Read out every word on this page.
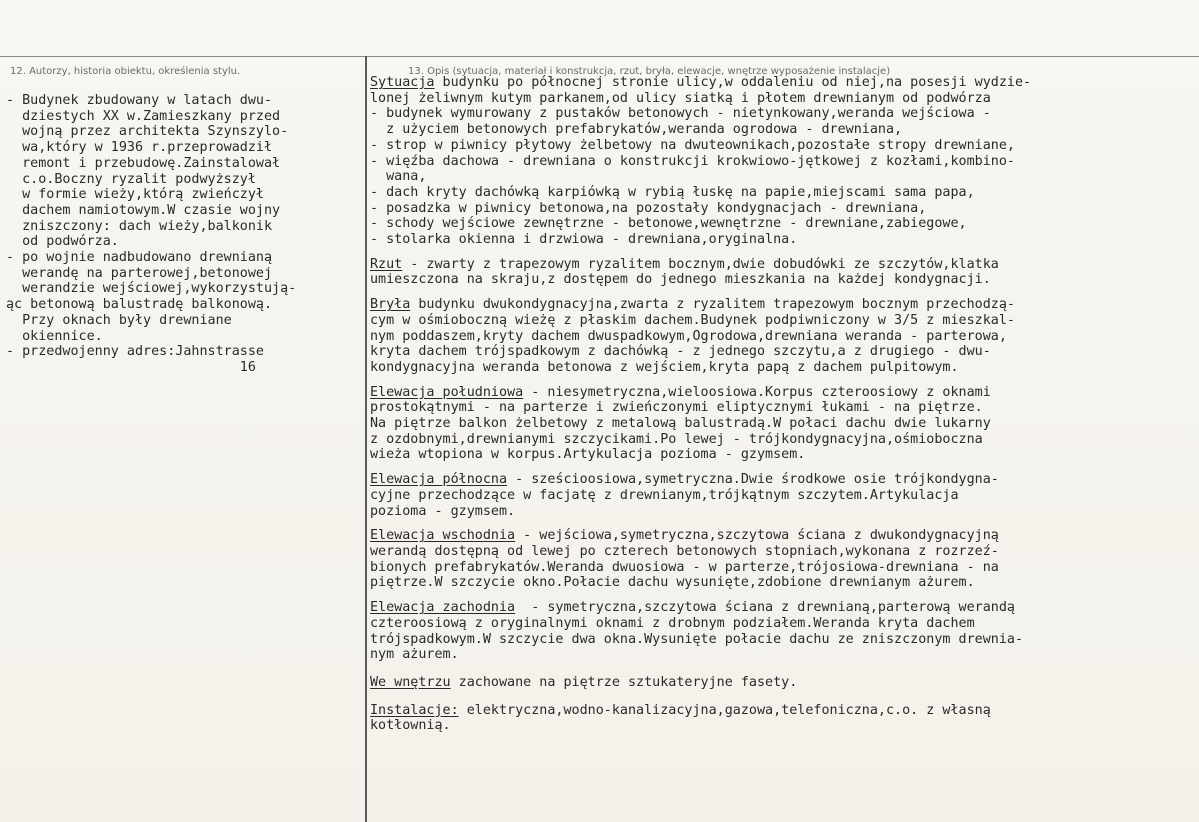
12. Autorzy, historia obiektu, określenia stylu.	13. Opis (sytuacja, materiał i konstrukcja, rzut, bryła, elewacje, wnętrze wyposażenie instalacje)
- Budynek zbudowany w latach dwu-
dziestych XX w.Zamieszkany przed
wojną przez architekta Szynszylo-
wa,który w 1936 r.przeprowadził
remont i przebudowę.Zainstalował
c.o.Boczny ryzalit podwyższył
w formie wieży,którą zwieńczył
dachem namiotowym.W czasie wojny
zniszczony: dach wieży,balkonik
od podwórza.
- po wojnie nadbudowano drewnianą
werandę na parterowej,betonowej
werandzie wejściowej,wykorzystują-
ąc betonową balustradę balkonową.
Przy oknach były drewniane
okiennice.
- przedwojenny adres:Jahnstrasse
16
Sytuacja budynku po północnej stronie ulicy,w oddaleniu od niej,na posesji wydzie-
lonej żeliwnym kutym parkanem,od ulicy siatką i płotem drewnianym od podwórza
- budynek wymurowany z pustaków betonowych - nietynkowany,weranda wejściowa -
z użyciem betonowych prefabrykatów,weranda ogrodowa - drewniana,
- strop w piwnicy płytowy żelbetowy na dwuteownikach,pozostałe stropy drewniane,
- więźba dachowa - drewniana o konstrukcji krokwiowo-jętkowej z kozłami,kombino-
wana,
- dach kryty dachówką karpiówką w rybią łuskę na papie,miejscami sama papa,
- posadzka w piwnicy betonowa,na pozostały kondygnacjach - drewniana,
- schody wejściowe zewnętrzne - betonowe,wewnętrzne - drewniane,zabiegowe,
- stolarka okienna i drzwiowa - drewniana,oryginalna.
Rzut - zwarty z trapezowym ryzalitem bocznym,dwie dobudówki ze szczytów,klatka
umieszczona na skraju,z dostępem do jednego mieszkania na każdej kondygnacji.
Bryła budynku dwukondygnacyjna,zwarta z ryzalitem trapezowym bocznym przechodzą-
cym w ośmioboczną wieżę z płaskim dachem.Budynek podpiwniczony w 3/5 z mieszkal-
nym poddaszem,kryty dachem dwuspadkowym,Ogrodowa,drewniana weranda - parterowa,
kryta dachem trójspadkowym z dachówką - z jednego szczytu,a z drugiego - dwu-
kondygnacyjna weranda betonowa z wejściem,kryta papą z dachem pulpitowym.
Elewacja południowa - niesymetryczna,wieloosiowa.Korpus czteroosiowy z oknami
prostokątnymi - na parterze i zwieńczonymi eliptycznymi łukami - na piętrze.
Na piętrze balkon żelbetowy z metalową balustradą.W połaci dachu dwie lukarny
z ozdobnymi,drewnianymi szczycikami.Po lewej - trójkondygnacyjna,ośmioboczna
wieża wtopiona w korpus.Artykulacja pozioma - gzymsem.
Elewacja północna - sześcioosiowa,symetryczna.Dwie środkowe osie trójkondygna-
cyjne przechodzące w facjatę z drewnianym,trójkątnym szczytem.Artykulacja
pozioma - gzymsem.
Elewacja wschodnia - wejściowa,symetryczna,szczytowa ściana z dwukondygnacyjną
werandą dostępną od lewej po czterech betonowych stopniach,wykonana z rozrzeź-
bionych prefabrykatów.Weranda dwuosiowa - w parterze,trójosiowa-drewniana - na
piętrze.W szczycie okno.Połacie dachu wysunięte,zdobione drewnianym ażurem.
Elewacja zachodnia  - symetryczna,szczytowa ściana z drewnianą,parterową werandą
czteroosiową z oryginalnymi oknami z drobnym podziałem.Weranda kryta dachem
trójspadkowym.W szczycie dwa okna.Wysunięte połacie dachu ze zniszczonym drewnia-
nym ażurem.
We wnętrzu zachowane na piętrze sztukateryjne fasety.
Instalacje: elektryczna,wodno-kanalizacyjna,gazowa,telefoniczna,c.o. z własną
kotłownią.
